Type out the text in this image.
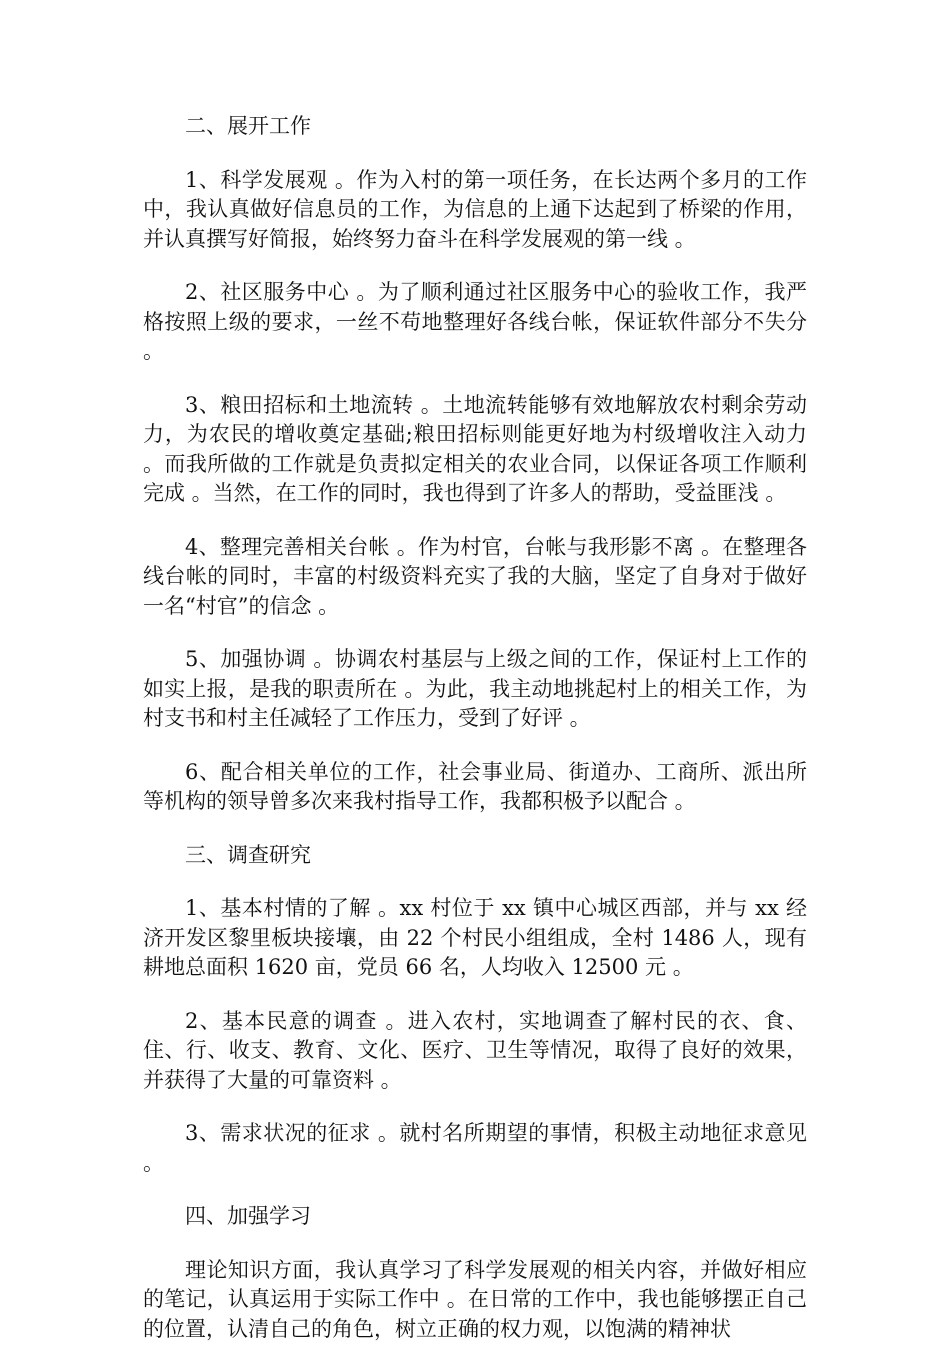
二、展开工作

1、科学发展观 。作为入村的第一项任务，在长达两个多月的工作中，我认真做好信息员的工作，为信息的上通下达起到了桥梁的作用，并认真撰写好简报，始终努力奋斗在科学发展观的第一线 。

2、社区服务中心 。为了顺利通过社区服务中心的验收工作，我严格按照上级的要求，一丝不苟地整理好各线台帐，保证软件部分不失分 。

3、粮田招标和土地流转 。土地流转能够有效地解放农村剩余劳动力，为农民的增收奠定基础;粮田招标则能更好地为村级增收注入动力 。而我所做的工作就是负责拟定相关的农业合同，以保证各项工作顺利完成 。当然，在工作的同时，我也得到了许多人的帮助，受益匪浅 。

4、整理完善相关台帐 。作为村官，台帐与我形影不离 。在整理各线台帐的同时，丰富的村级资料充实了我的大脑，坚定了自身对于做好一名“村官”的信念 。

5、加强协调 。协调农村基层与上级之间的工作，保证村上工作的如实上报，是我的职责所在 。为此，我主动地挑起村上的相关工作，为村支书和村主任减轻了工作压力，受到了好评 。

6、配合相关单位的工作，社会事业局、街道办、工商所、派出所等机构的领导曾多次来我村指导工作，我都积极予以配合 。

三、调查研究

1、基本村情的了解 。xx 村位于 xx 镇中心城区西部，并与 xx 经济开发区黎里板块接壤，由 22 个村民小组组成，全村 1486 人，现有耕地总面积 1620 亩，党员 66 名，人均收入 12500 元 。

2、基本民意的调查 。进入农村，实地调查了解村民的衣、食、住、行、收支、教育、文化、医疗、卫生等情况，取得了良好的效果，并获得了大量的可靠资料 。

3、需求状况的征求 。就村名所期望的事情，积极主动地征求意见 。

四、加强学习

理论知识方面，我认真学习了科学发展观的相关内容，并做好相应的笔记，认真运用于实际工作中 。在日常的工作中，我也能够摆正自己的位置，认清自己的角色，树立正确的权力观，以饱满的精神状
